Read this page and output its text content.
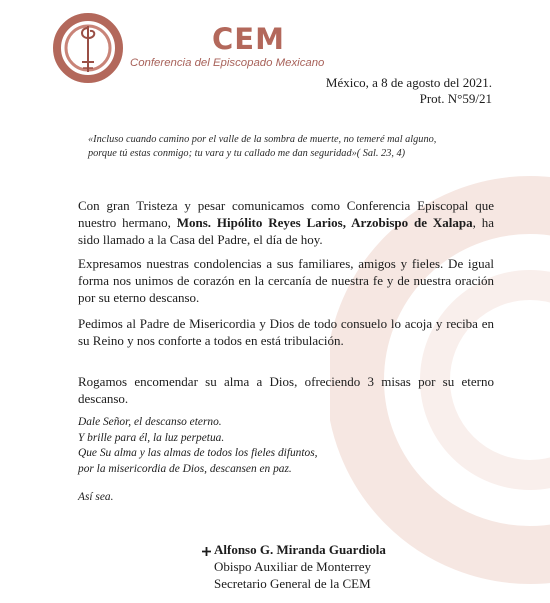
CEM
Conferencia del Episcopado Mexicano
México, a 8 de agosto del 2021.
Prot. N°59/21
«Incluso cuando camino por el valle de la sombra de muerte, no temeré mal alguno, porque tú estas conmigo; tu vara y tu callado me dan seguridad»( Sal. 23, 4)
Con gran Tristeza y pesar comunicamos como Conferencia Episcopal que nuestro hermano, Mons. Hipólito Reyes Larios, Arzobispo de Xalapa, ha sido llamado a la Casa del Padre, el día de hoy.
Expresamos nuestras condolencias a sus familiares, amigos y fieles. De igual forma nos unimos de corazón en la cercanía de nuestra fe y de nuestra oración por su eterno descanso.
Pedimos al Padre de Misericordia y Dios de todo consuelo lo acoja y reciba en su Reino y nos conforte a todos en está tribulación.
Rogamos encomendar su alma a Dios, ofreciendo 3 misas por su eterno descanso.
Dale Señor, el descanso eterno.
Y brille para él, la luz perpetua.
Que Su alma y las almas de todos los fieles difuntos,
por la misericordia de Dios, descansen en paz.
Así sea.
Alfonso G. Miranda Guardiola
Obispo Auxiliar de Monterrey
Secretario General de la CEM
